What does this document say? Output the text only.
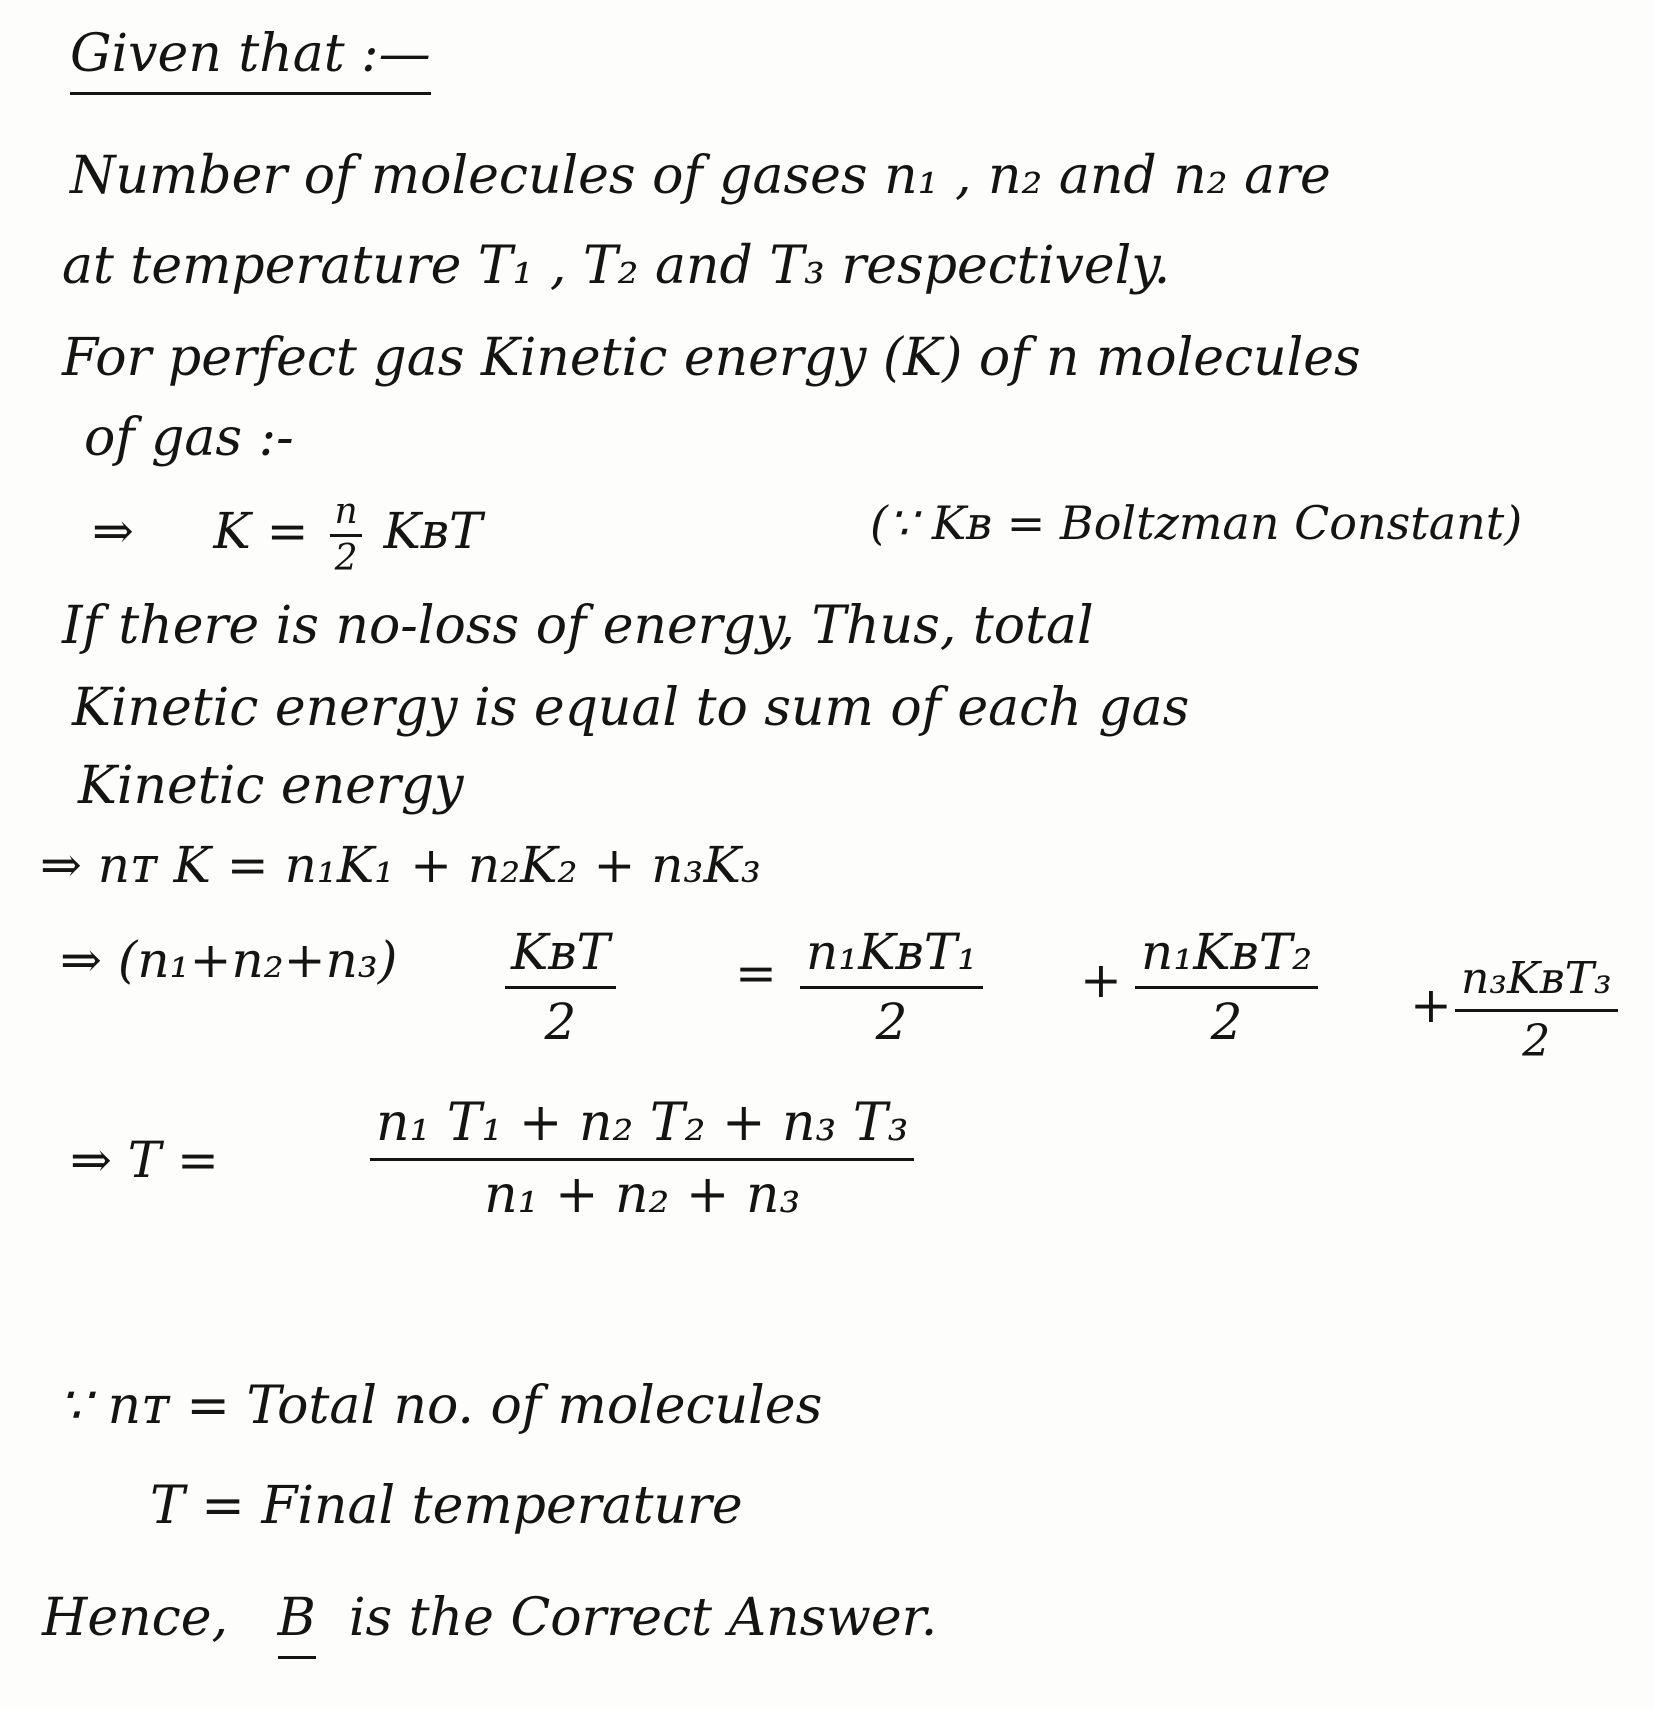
Given that :—
Number of molecules of gases n₁ , n₂ and n₂ are
at temperature T₁ , T₂ and T₃ respectively.
For perfect gas Kinetic energy (K) of n molecules
of gas :-
⇒ $K = \frac{n}{2}$ KʙT	(∵ Kʙ = Boltzman Constant)
If there is no-loss of energy, Thus, total
Kinetic energy is equal to sum of each gas
Kinetic energy
⇒ nᴛ K = n₁K₁ + n₂K₂ + n₃K₃
⇒ (n₁+n₂+n₃) KʙT
2
= n₁KʙT₁
2
+ n₁KʙT₂
2	+ n₃KʙT₃
2
⇒ T =
n₁ T₁ + n₂ T₂ + n₃ T₃
n₁ + n₂ + n₃
∵ nᴛ = Total no. of molecules
T = Final temperature
Hence, B is the Correct Answer.
